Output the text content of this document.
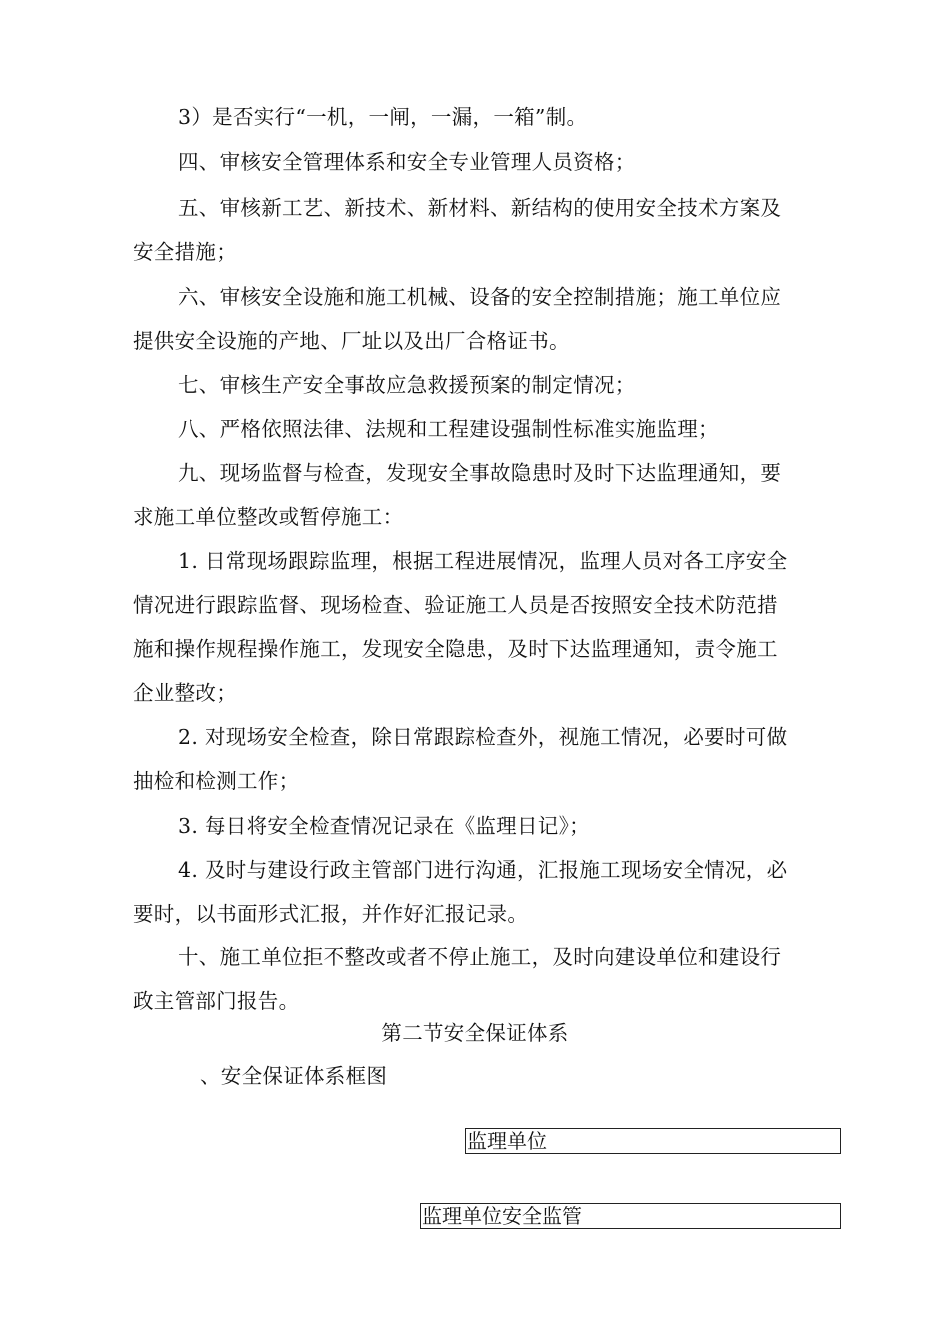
3）是否实行“一机，一闸，一漏，一箱”制。
四、审核安全管理体系和安全专业管理人员资格；
五、审核新工艺、新技术、新材料、新结构的使用安全技术方案及
安全措施；
六、审核安全设施和施工机械、设备的安全控制措施；施工单位应
提供安全设施的产地、厂址以及出厂合格证书。
七、审核生产安全事故应急救援预案的制定情况；
八、严格依照法律、法规和工程建设强制性标准实施监理；
九、现场监督与检查，发现安全事故隐患时及时下达监理通知，要
求施工单位整改或暂停施工：
1. 日常现场跟踪监理，根据工程进展情况，监理人员对各工序安全
情况进行跟踪监督、现场检查、验证施工人员是否按照安全技术防范措
施和操作规程操作施工，发现安全隐患，及时下达监理通知，责令施工
企业整改；
2. 对现场安全检查，除日常跟踪检查外，视施工情况，必要时可做
抽检和检测工作；
3. 每日将安全检查情况记录在《监理日记》；
4. 及时与建设行政主管部门进行沟通，汇报施工现场安全情况，必
要时，以书面形式汇报，并作好汇报记录。
十、施工单位拒不整改或者不停止施工，及时向建设单位和建设行
政主管部门报告。
第二节安全保证体系
、安全保证体系框图
监理单位
监理单位安全监管
